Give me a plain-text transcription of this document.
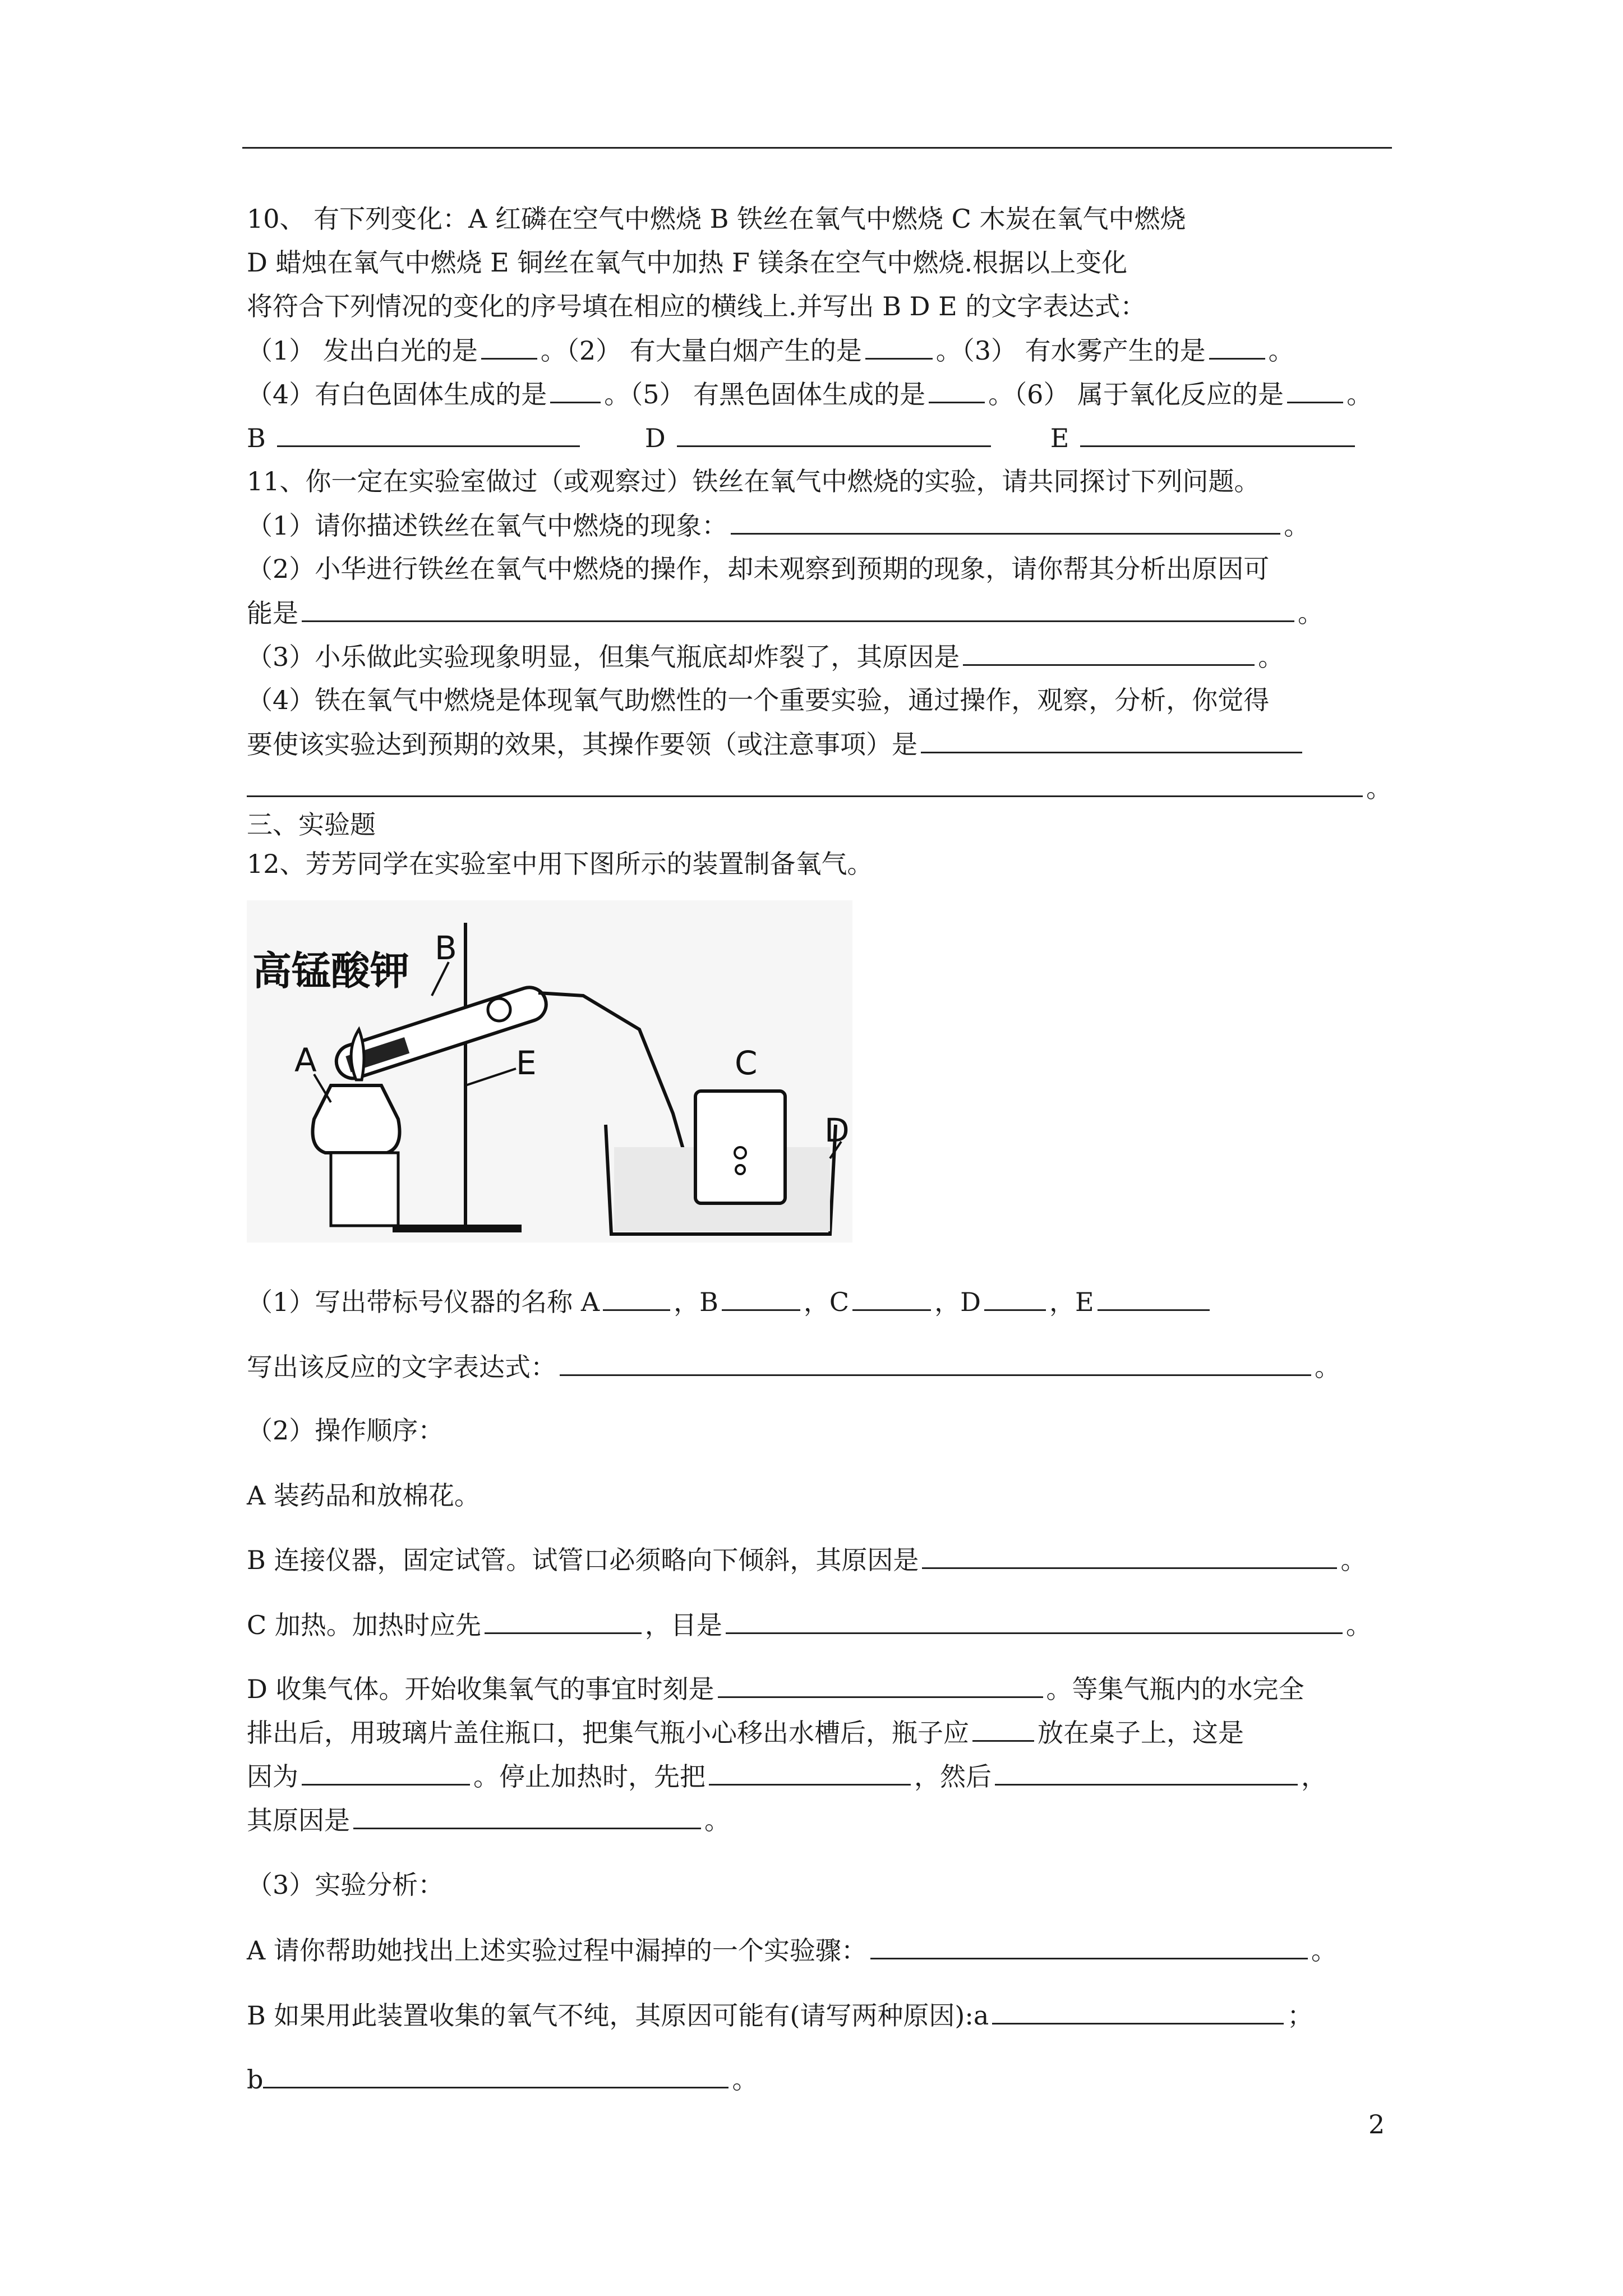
10、 有下列变化：A 红磷在空气中燃烧 B 铁丝在氧气中燃烧 C 木炭在氧气中燃烧
D 蜡烛在氧气中燃烧 E 铜丝在氧气中加热 F 镁条在空气中燃烧.根据以上变化
将符合下列情况的变化的序号填在相应的横线上.并写出 B D E 的文字表达式：
（1） 发出白光的是 。（2） 有大量白烟产生的是	。（3） 有水雾产生的是 。
（4）有白色固体生成的是 。（5） 有黑色固体生成的是 。（6） 属于氧化反应的是 。
B	D	E
11、你一定在实验室做过（或观察过）铁丝在氧气中燃烧的实验，请共同探讨下列问题。
（1）请你描述铁丝在氧气中燃烧的现象：	。
（2）小华进行铁丝在氧气中燃烧的操作，却未观察到预期的现象，请你帮其分析出原因可
能是	。
（3）小乐做此实验现象明显，但集气瓶底却炸裂了，其原因是	。
（4）铁在氧气中燃烧是体现氧气助燃性的一个重要实验，通过操作，观察，分析，你觉得
要使该实验达到预期的效果，其操作要领（或注意事项）是
。
三、实验题
12、芳芳同学在实验室中用下图所示的装置制备氧气。
高锰酸钾
E
B
A
D
C
（1）写出带标号仪器的名称 A	，B	，C	，D	，E
写出该反应的文字表达式：	。
（2）操作顺序：
A 装药品和放棉花。
B 连接仪器，固定试管。试管口必须略向下倾斜，其原因是	。
C 加热。加热时应先	，目是	。
D 收集气体。开始收集氧气的事宜时刻是	。等集气瓶内的水完全
排出后，用玻璃片盖住瓶口，把集气瓶小心移出水槽后，瓶子应	放在桌子上，这是
因为	。停止加热时，先把	，然后	，
其原因是	。
（3）实验分析：
A 请你帮助她找出上述实验过程中漏掉的一个实验骤：	。
B 如果用此装置收集的氧气不纯，其原因可能有(请写两种原因):a	；
b	。
2
